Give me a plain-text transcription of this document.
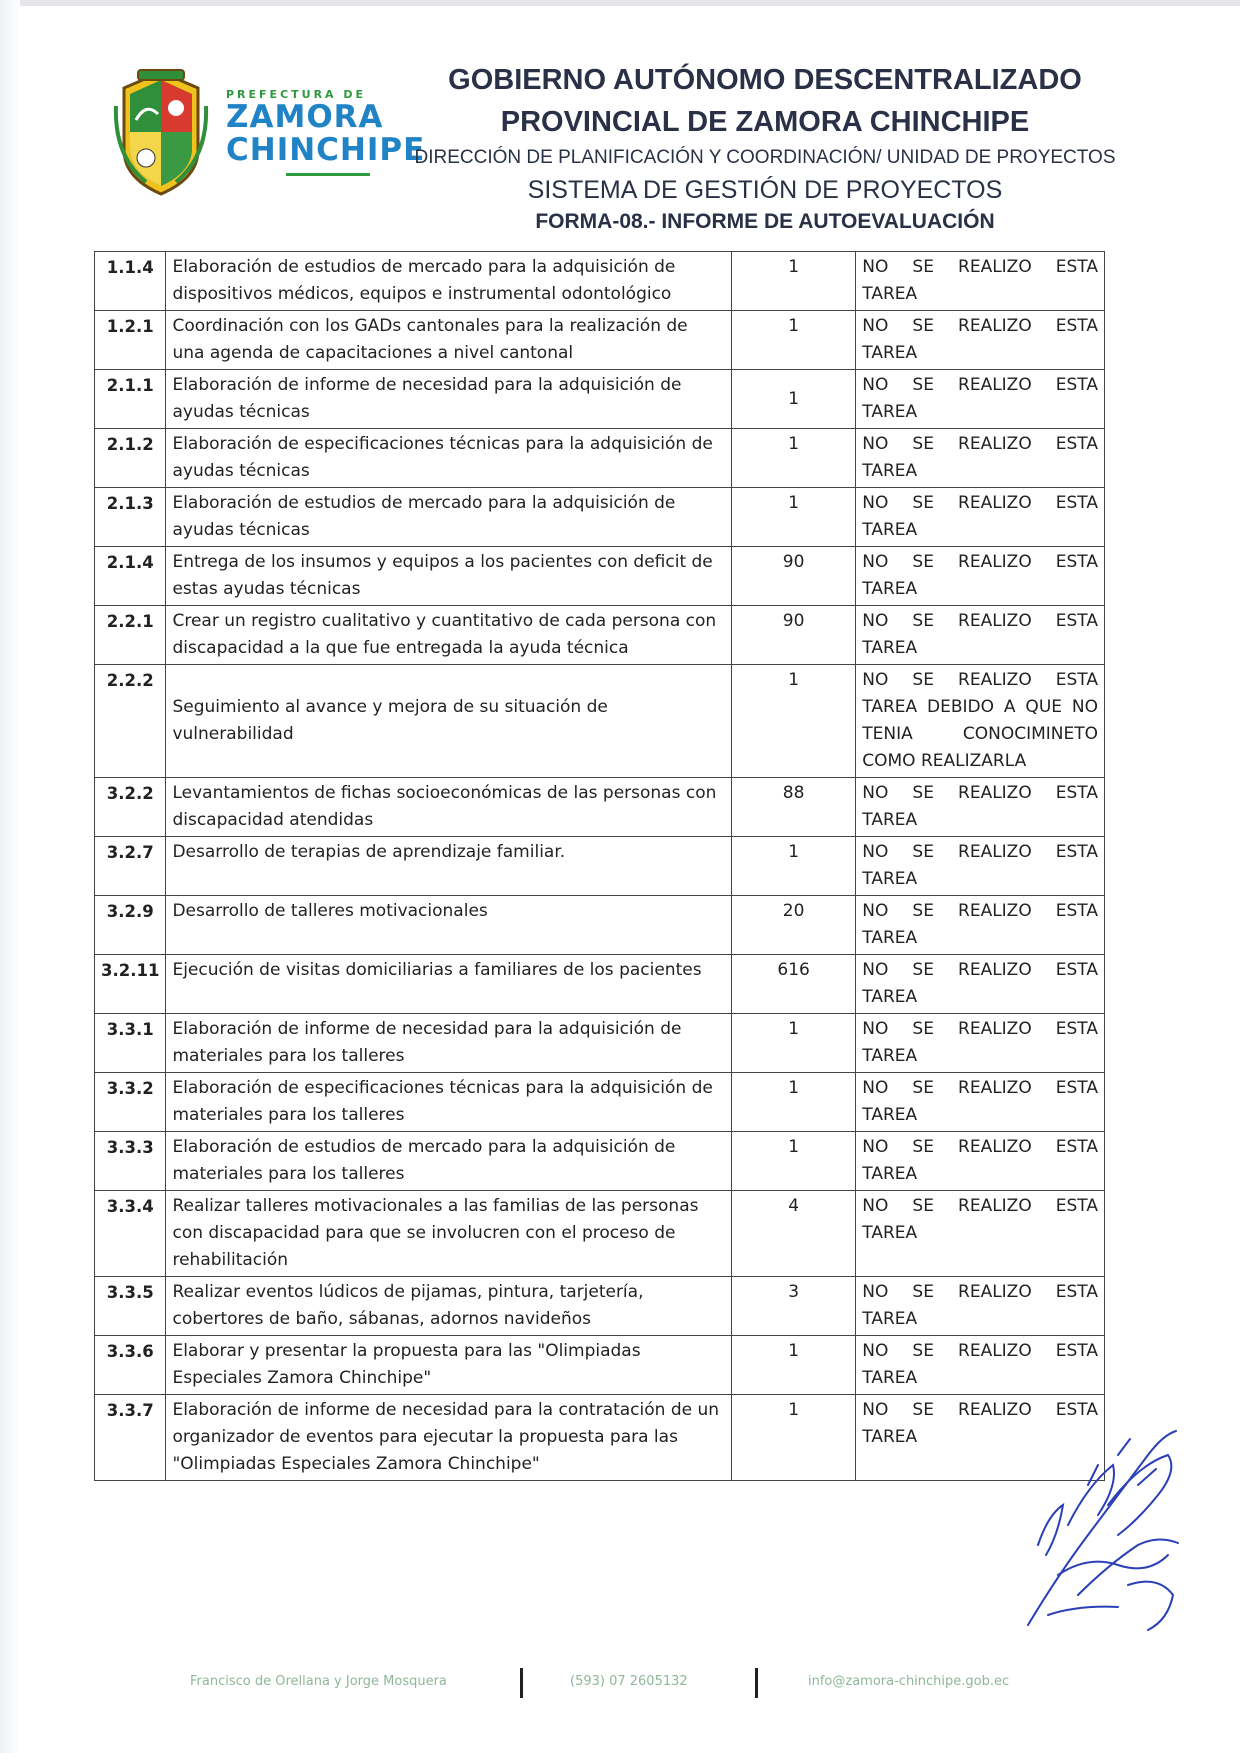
PREFECTURA DE
ZAMORA
CHINCHIPE
GOBIERNO AUTÓNOMO DESCENTRALIZADO
PROVINCIAL DE ZAMORA CHINCHIPE
DIRECCIÓN DE PLANIFICACIÓN Y COORDINACIÓN/ UNIDAD DE PROYECTOS
SISTEMA DE GESTIÓN DE PROYECTOS
FORMA-08.- INFORME DE AUTOEVALUACIÓN
1.1.4	Elaboración de estudios de mercado para la adquisición de dispositivos médicos, equipos e instrumental odontológico	1	NO SE REALIZO ESTA TAREA
1.2.1	Coordinación con los GADs cantonales para la realización de una agenda de capacitaciones a nivel cantonal	1	NO SE REALIZO ESTA TAREA
2.1.1	Elaboración de informe de necesidad para la adquisición de ayudas técnicas	1	NO SE REALIZO ESTA TAREA
2.1.2	Elaboración de especificaciones técnicas para la adquisición de ayudas técnicas	1	NO SE REALIZO ESTA TAREA
2.1.3	Elaboración de estudios de mercado para la adquisición de ayudas técnicas	1	NO SE REALIZO ESTA TAREA
2.1.4	Entrega de los insumos y equipos a los pacientes con deficit de estas ayudas técnicas	90	NO SE REALIZO ESTA TAREA
2.2.1	Crear un registro cualitativo y cuantitativo de cada persona con discapacidad a la que fue entregada la ayuda técnica	90	NO SE REALIZO ESTA TAREA
2.2.2	Seguimiento al avance y mejora de su situación de vulnerabilidad	1	NO SE REALIZO ESTA TAREA DEBIDO A QUE NO TENIA CONOCIMINETO COMO REALIZARLA
3.2.2	Levantamientos de fichas socioeconómicas de las personas con discapacidad atendidas	88	NO SE REALIZO ESTA TAREA
3.2.7	Desarrollo de terapias de aprendizaje familiar.	1	NO SE REALIZO ESTA TAREA
3.2.9	Desarrollo de talleres motivacionales	20	NO SE REALIZO ESTA TAREA
3.2.11	Ejecución de visitas domiciliarias a familiares de los pacientes	616	NO SE REALIZO ESTA TAREA
3.3.1	Elaboración de informe de necesidad para la adquisición de materiales para los talleres	1	NO SE REALIZO ESTA TAREA
3.3.2	Elaboración de especificaciones técnicas para la adquisición de materiales para los talleres	1	NO SE REALIZO ESTA TAREA
3.3.3	Elaboración de estudios de mercado para la adquisición de materiales para los talleres	1	NO SE REALIZO ESTA TAREA
3.3.4	Realizar talleres motivacionales a las familias de las personas con discapacidad para que se involucren con el proceso de rehabilitación	4	NO SE REALIZO ESTA TAREA
3.3.5	Realizar eventos lúdicos de pijamas, pintura, tarjetería, cobertores de baño, sábanas, adornos navideños	3	NO SE REALIZO ESTA TAREA
3.3.6	Elaborar y presentar la propuesta para las "Olimpiadas Especiales Zamora Chinchipe"	1	NO SE REALIZO ESTA TAREA
3.3.7	Elaboración de informe de necesidad para la contratación de un organizador de eventos para ejecutar la propuesta para las "Olimpiadas Especiales Zamora Chinchipe"	1	NO SE REALIZO ESTA TAREA
Visto Bueno 06/11/2025
Francisco de Orellana y Jorge Mosquera	(593) 07 2605132	info@zamora-chinchipe.gob.ec
